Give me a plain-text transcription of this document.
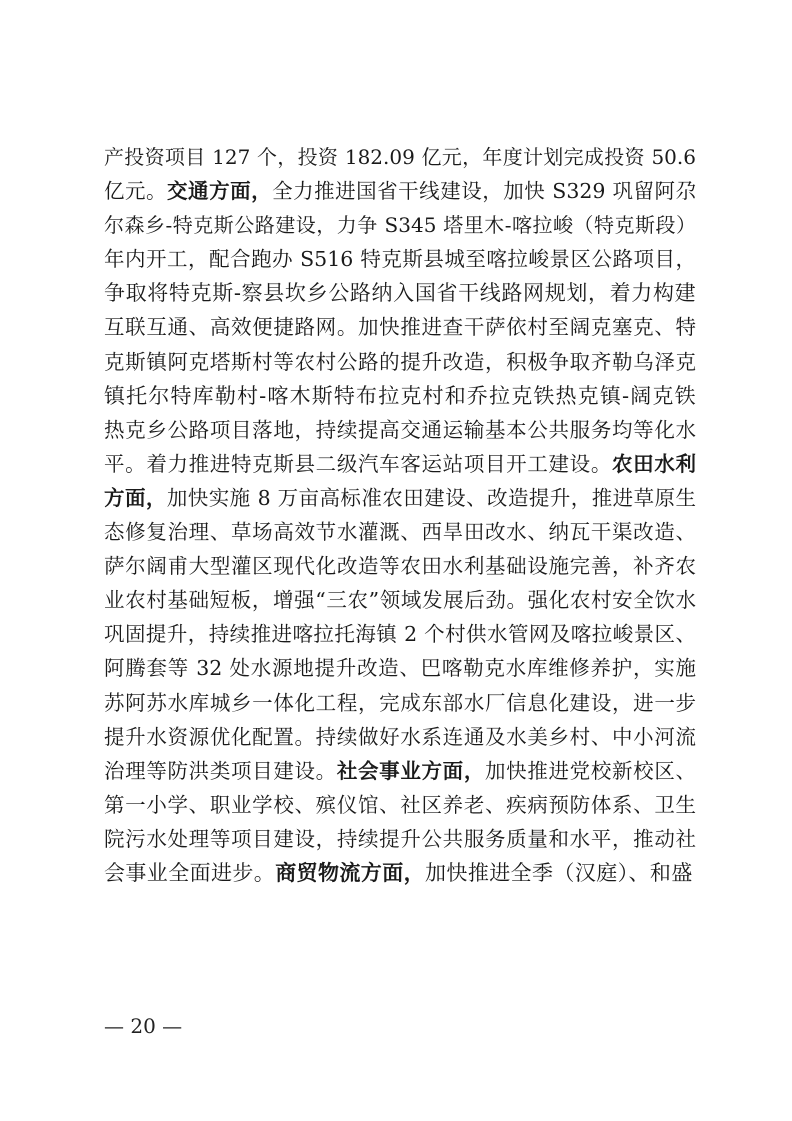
产投资项目 127 个，投资 182.09 亿元，年度计划完成投资 50.6
亿元。交通方面，全力推进国省干线建设，加快 S329 巩留阿尕
尔森乡-特克斯公路建设，力争 S345 塔里木-喀拉峻（特克斯段）
年内开工，配合跑办 S516 特克斯县城至喀拉峻景区公路项目，
争取将特克斯-察县坎乡公路纳入国省干线路网规划，着力构建
互联互通、高效便捷路网。加快推进查干萨依村至阔克塞克、特
克斯镇阿克塔斯村等农村公路的提升改造，积极争取齐勒乌泽克
镇托尔特库勒村-喀木斯特布拉克村和乔拉克铁热克镇-阔克铁
热克乡公路项目落地，持续提高交通运输基本公共服务均等化水
平。着力推进特克斯县二级汽车客运站项目开工建设。农田水利
方面，加快实施 8 万亩高标准农田建设、改造提升，推进草原生
态修复治理、草场高效节水灌溉、西旱田改水、纳瓦干渠改造、
萨尔阔甫大型灌区现代化改造等农田水利基础设施完善，补齐农
业农村基础短板，增强“三农”领域发展后劲。强化农村安全饮水
巩固提升，持续推进喀拉托海镇 2 个村供水管网及喀拉峻景区、
阿腾套等 32 处水源地提升改造、巴喀勒克水库维修养护，实施
苏阿苏水库城乡一体化工程，完成东部水厂信息化建设，进一步
提升水资源优化配置。持续做好水系连通及水美乡村、中小河流
治理等防洪类项目建设。社会事业方面，加快推进党校新校区、
第一小学、职业学校、殡仪馆、社区养老、疾病预防体系、卫生
院污水处理等项目建设，持续提升公共服务质量和水平，推动社
会事业全面进步。商贸物流方面，加快推进全季（汉庭）、和盛
— 20 —
